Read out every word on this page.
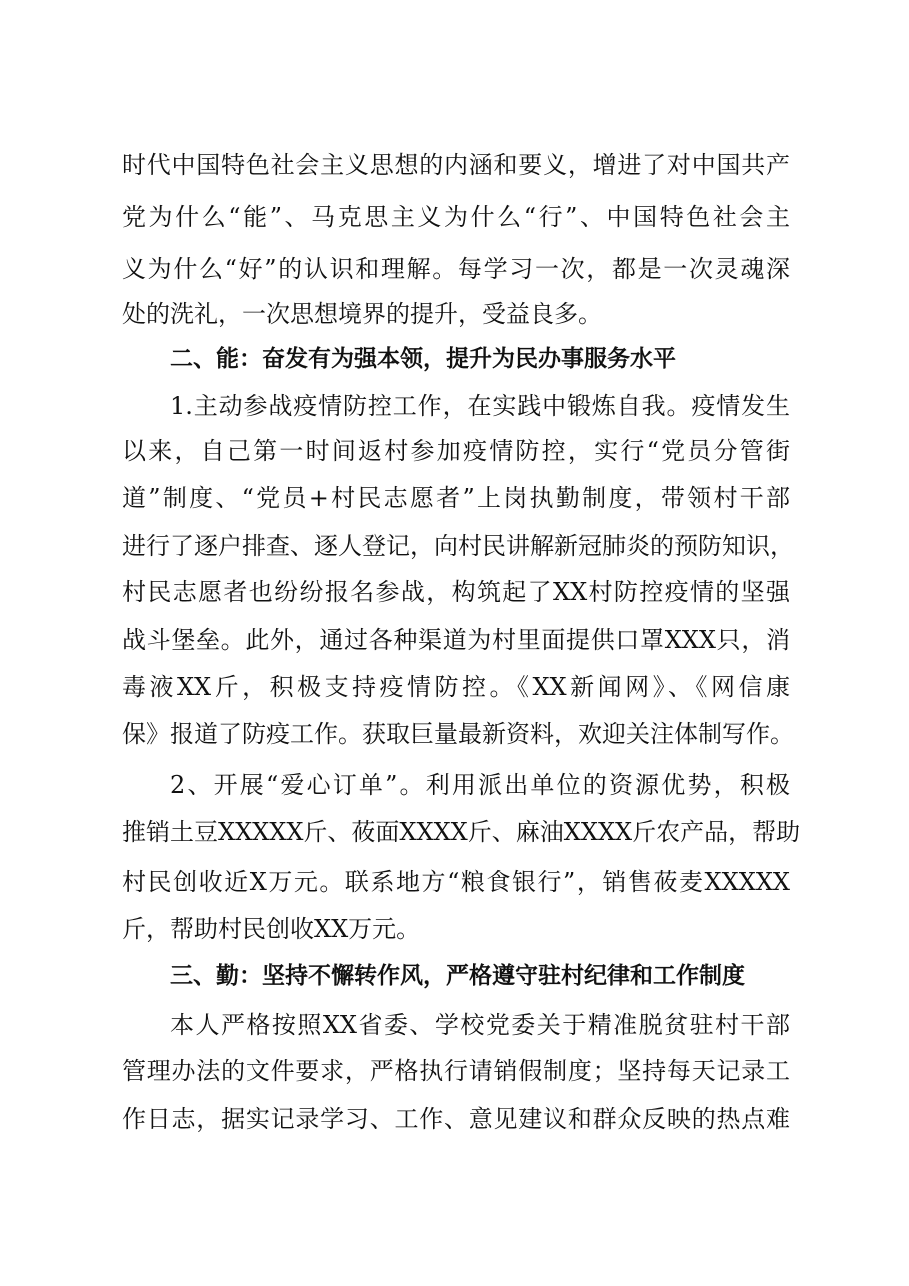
时代中国特色社会主义思想的内涵和要义，增进了对中国共产
党为什么“能”、马克思主义为什么“行”、中国特色社会主
义为什么“好”的认识和理解。每学习一次，都是一次灵魂深
处的洗礼，一次思想境界的提升，受益良多。
二、能：奋发有为强本领，提升为民办事服务水平
1.主动参战疫情防控工作，在实践中锻炼自我。疫情发生
以来，自己第一时间返村参加疫情防控，实行“党员分管街
道”制度、“党员+村民志愿者”上岗执勤制度，带领村干部
进行了逐户排查、逐人登记，向村民讲解新冠肺炎的预防知识，
村民志愿者也纷纷报名参战，构筑起了XX村防控疫情的坚强
战斗堡垒。此外，通过各种渠道为村里面提供口罩XXX只，消
毒液XX斤，积极支持疫情防控。《XX新闻网》、《网信康
保》报道了防疫工作。获取巨量最新资料，欢迎关注体制写作。
2、开展“爱心订单”。利用派出单位的资源优势，积极
推销土豆XXXXX斤、莜面XXXX斤、麻油XXXX斤农产品，帮助
村民创收近X万元。联系地方“粮食银行”，销售莜麦XXXXX
斤，帮助村民创收XX万元。
三、勤：坚持不懈转作风，严格遵守驻村纪律和工作制度
本人严格按照XX省委、学校党委关于精准脱贫驻村干部
管理办法的文件要求，严格执行请销假制度；坚持每天记录工
作日志，据实记录学习、工作、意见建议和群众反映的热点难
